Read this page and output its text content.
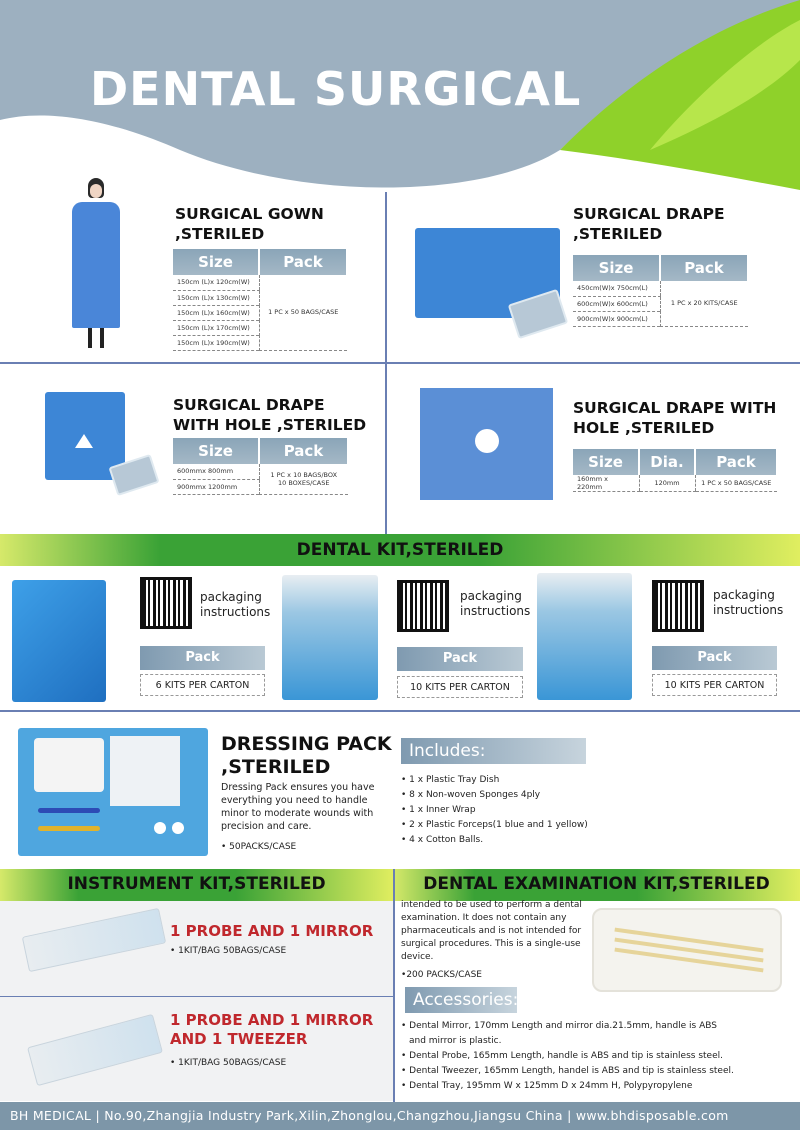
DENTAL SURGICAL
SURGICAL GOWN
,STERILED
Size	Pack
150cm (L)x 120cm(W)	1 PC x 50 BAGS/CASE
150cm (L)x 130cm(W)	
150cm (L)x 160cm(W)	
150cm (L)x 170cm(W)	
150cm (L)x 190cm(W)	
SURGICAL DRAPE
,STERILED
Size	Pack
450cm(W)x 750cm(L)	1 PC x 20 KITS/CASE
600cm(W)x 600cm(L)	
900cm(W)x 900cm(L)	
SURGICAL DRAPE
WITH HOLE ,STERILED
Size	Pack
600mmx 800mm	1 PC x 10 BAGS/BOX
10 BOXES/CASE

900mmx 1200mm	
SURGICAL DRAPE WITH
HOLE ,STERILED
Size	Dia.	Pack
160mm x 220mm	120mm	1 PC x 50 BAGS/CASE
DENTAL KIT,STERILED
packaging
instructions
Pack
6 KITS PER CARTON
packaging
instructions
Pack
10 KITS PER CARTON
packaging
instructions
Pack
10 KITS PER CARTON
DRESSING PACK
,STERILED
Dressing Pack ensures you have everything you need to handle minor to moderate wounds with precision and care.
• 50PACKS/CASE
Includes:
• 1 x Plastic Tray Dish
• 8 x Non-woven Sponges 4ply
• 1 x Inner Wrap
• 2 x Plastic Forceps(1 blue and 1 yellow)
• 4 x Cotton Balls.
INSTRUMENT KIT,STERILED	DENTAL EXAMINATION KIT,STERILED
1 PROBE AND 1 MIRROR
• 1KIT/BAG 50BAGS/CASE
1 PROBE AND 1 MIRROR
AND 1 TWEEZER
• 1KIT/BAG 50BAGS/CASE
intended to be used to perform a dental examination. It does not contain any pharmaceuticals and is not intended for surgical procedures. This is a single-use device.
•200 PACKS/CASE
Accessories:
• Dental Mirror, 170mm Length and mirror dia.21.5mm, handle is ABS
and mirror is plastic.
• Dental Probe, 165mm Length, handle is ABS and tip is stainless steel.
• Dental Tweezer, 165mm Length, handel is ABS and tip is stainless steel.
• Dental Tray, 195mm W x 125mm D x 24mm H, Polypyropylene
BH MEDICAL | No.90,Zhangjia Industry Park,Xilin,Zhonglou,Changzhou,Jiangsu China | www.bhdisposable.com
